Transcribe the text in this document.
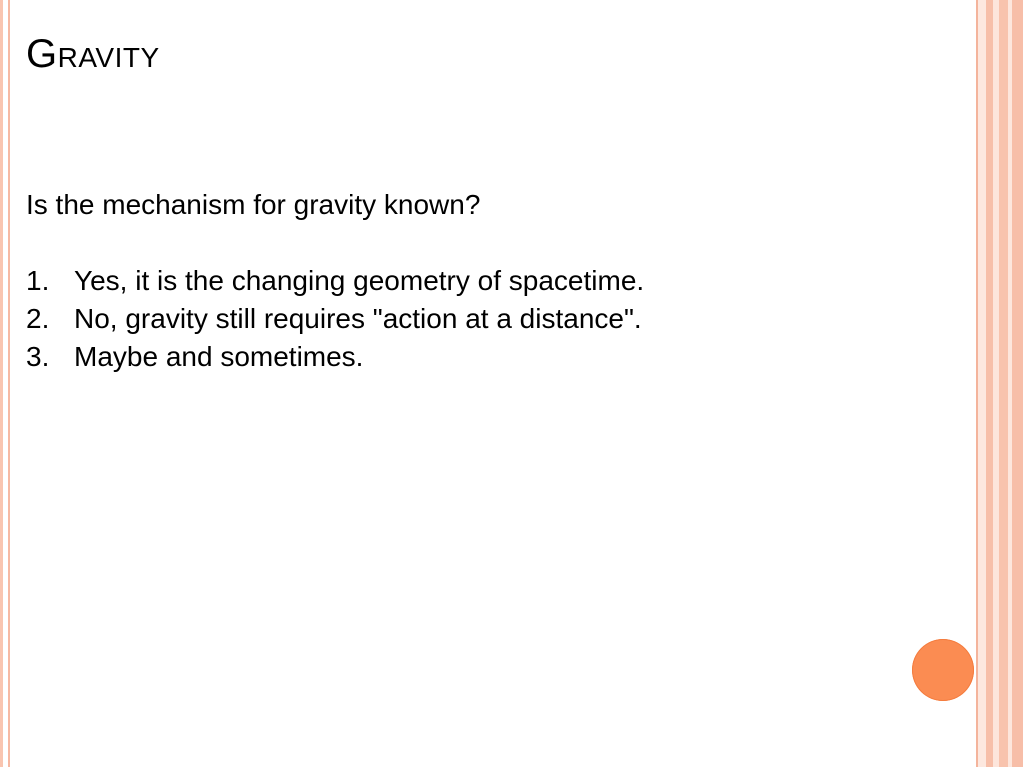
Gravity

Is the mechanism for gravity known?

1. Yes, it is the changing geometry of spacetime.
2. No, gravity still requires "action at a distance".
3. Maybe and sometimes.
